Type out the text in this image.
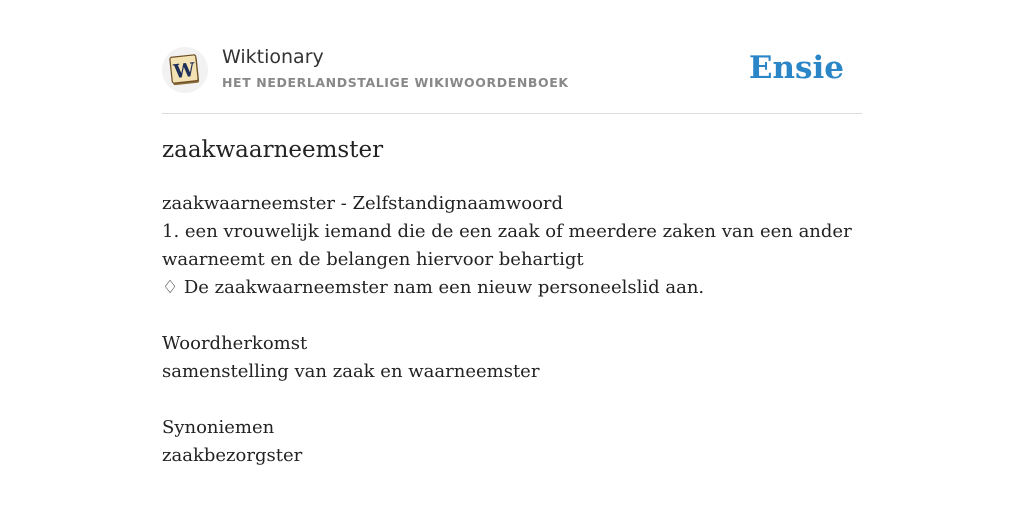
W
Wiktionary
HET NEDERLANDSTALIGE WIKIWOORDENBOEK	Ensie
zaakwaarneemster
zaakwaarneemster - Zelfstandignaamwoord
1. een vrouwelijk iemand die de een zaak of meerdere zaken van een ander
waarneemt en de belangen hiervoor behartigt
♢ De zaakwaarneemster nam een nieuw personeelslid aan.
Woordherkomst
samenstelling van zaak en waarneemster
Synoniemen
zaakbezorgster
